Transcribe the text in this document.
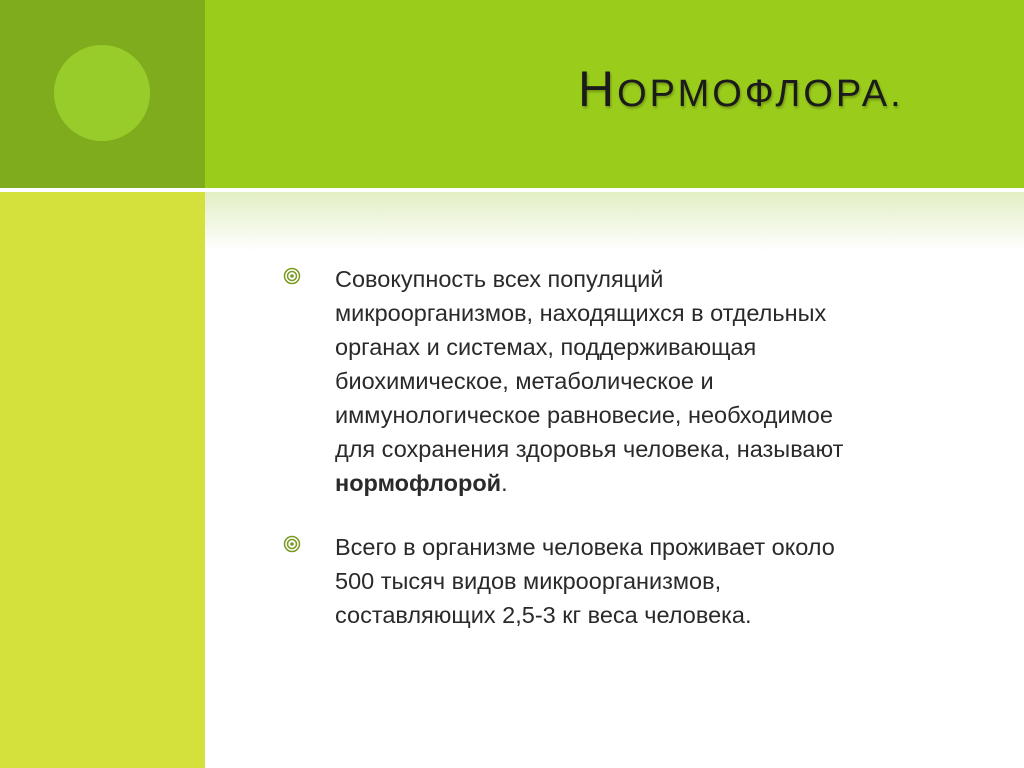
НОРМОФЛОРА.
Совокупность всех популяций
микроорганизмов, находящихся в отдельных
органах и системах, поддерживающая
биохимическое, метаболическое и
иммунологическое равновесие, необходимое
для сохранения здоровья человека, называют
нормофлорой.
Всего в организме человека проживает около
500 тысяч видов микроорганизмов,
составляющих 2,5-3 кг веса человека.
